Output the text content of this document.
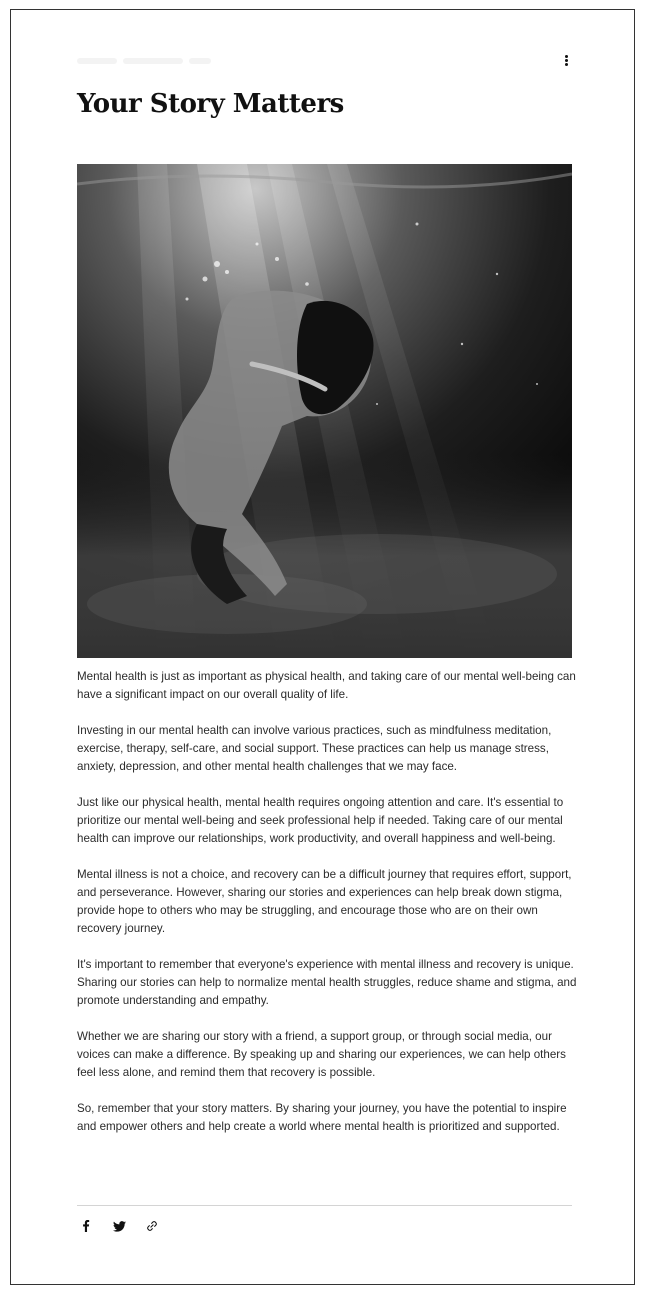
Your Story Matters

Mental health is just as important as physical health, and taking care of our mental well-being can have a significant impact on our overall quality of life.

Investing in our mental health can involve various practices, such as mindfulness meditation, exercise, therapy, self-care, and social support. These practices can help us manage stress, anxiety, depression, and other mental health challenges that we may face.

Just like our physical health, mental health requires ongoing attention and care. It's essential to prioritize our mental well-being and seek professional help if needed. Taking care of our mental health can improve our relationships, work productivity, and overall happiness and well-being.

Mental illness is not a choice, and recovery can be a difficult journey that requires effort, support, and perseverance. However, sharing our stories and experiences can help break down stigma, provide hope to others who may be struggling, and encourage those who are on their own recovery journey.

It's important to remember that everyone's experience with mental illness and recovery is unique. Sharing our stories can help to normalize mental health struggles, reduce shame and stigma, and promote understanding and empathy.

Whether we are sharing our story with a friend, a support group, or through social media, our voices can make a difference. By speaking up and sharing our experiences, we can help others feel less alone, and remind them that recovery is possible.

So, remember that your story matters. By sharing your journey, you have the potential to inspire and empower others and help create a world where mental health is prioritized and supported.
